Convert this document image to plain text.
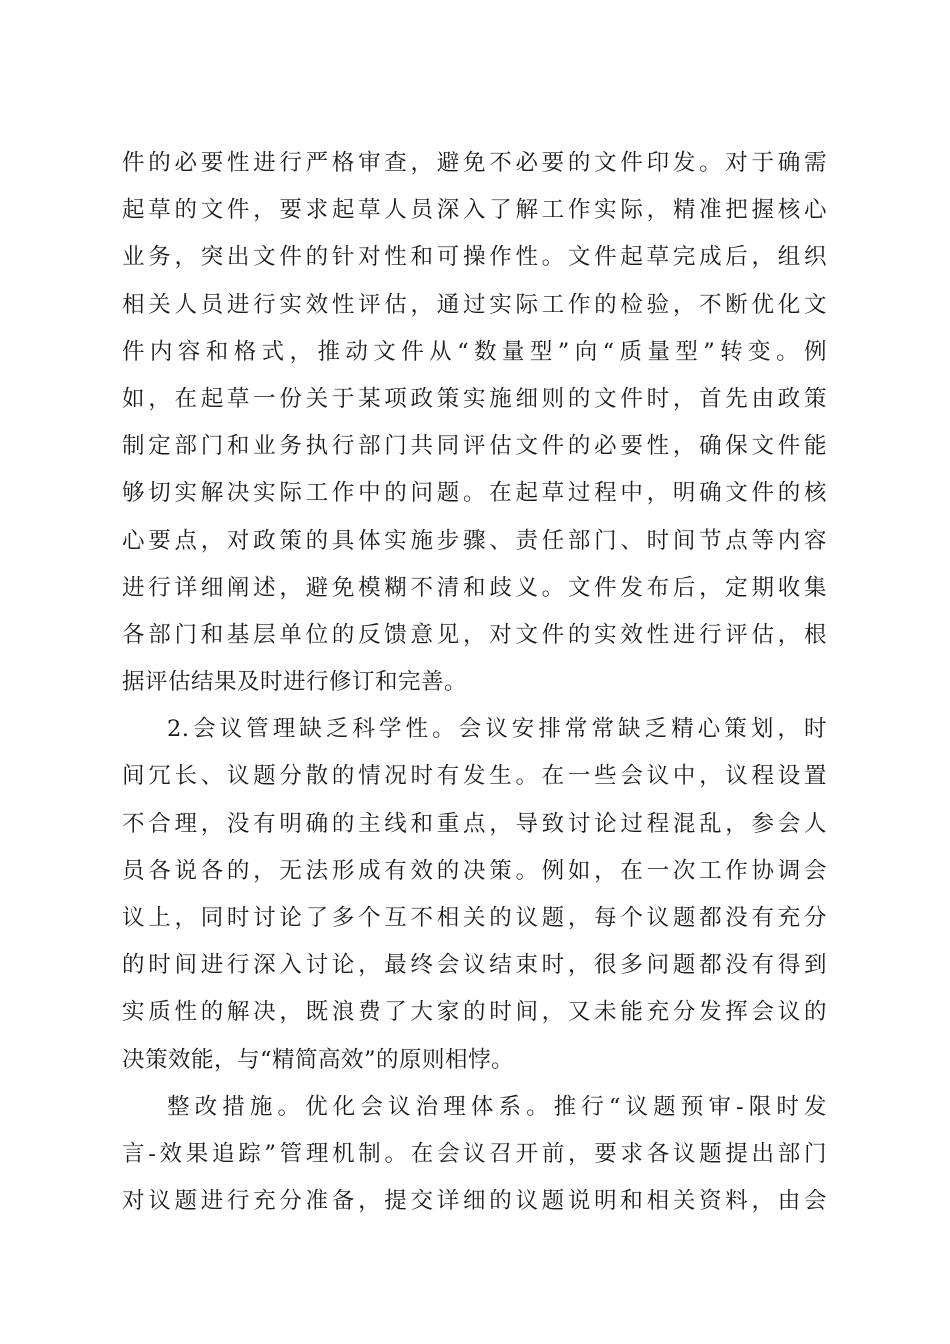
件的必要性进行严格审查，避免不必要的文件印发。对于确需
起草的文件，要求起草人员深入了解工作实际，精准把握核心
业务，突出文件的针对性和可操作性。文件起草完成后，组织
相关人员进行实效性评估，通过实际工作的检验，不断优化文
件内容和格式，推动文件从“数量型”向“质量型”转变。例
如，在起草一份关于某项政策实施细则的文件时，首先由政策
制定部门和业务执行部门共同评估文件的必要性，确保文件能
够切实解决实际工作中的问题。在起草过程中，明确文件的核
心要点，对政策的具体实施步骤、责任部门、时间节点等内容
进行详细阐述，避免模糊不清和歧义。文件发布后，定期收集
各部门和基层单位的反馈意见，对文件的实效性进行评估，根
据评估结果及时进行修订和完善。
2.会议管理缺乏科学性。会议安排常常缺乏精心策划，时
间冗长、议题分散的情况时有发生。在一些会议中，议程设置
不合理，没有明确的主线和重点，导致讨论过程混乱，参会人
员各说各的，无法形成有效的决策。例如，在一次工作协调会
议上，同时讨论了多个互不相关的议题，每个议题都没有充分
的时间进行深入讨论，最终会议结束时，很多问题都没有得到
实质性的解决，既浪费了大家的时间，又未能充分发挥会议的
决策效能，与“精简高效”的原则相悖。
整改措施。优化会议治理体系。推行“议题预审-限时发
言-效果追踪”管理机制。在会议召开前，要求各议题提出部门
对议题进行充分准备，提交详细的议题说明和相关资料，由会
